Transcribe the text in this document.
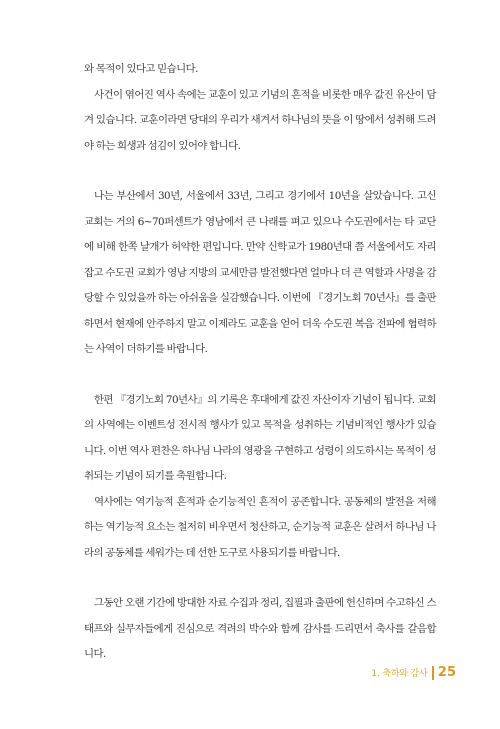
와 목적이 있다고 믿습니다.

사건이 엮어진 역사 속에는 교훈이 있고 기념의 흔적을 비롯한 매우 값진 유산이 담겨 있습니다. 교훈이라면 당대의 우리가 새겨서 하나님의 뜻을 이 땅에서 성취해 드려야 하는 희생과 섬김이 있어야 합니다.

나는 부산에서 30년, 서울에서 33년, 그리고 경기에서 10년을 살았습니다. 고신 교회는 거의 6~70퍼센트가 영남에서 큰 나래를 펴고 있으나 수도권에서는 타 교단에 비해 한쪽 날개가 허약한 편입니다. 만약 신학교가 1980년대 쯤 서울에서도 자리 잡고 수도권 교회가 영남 지방의 교세만큼 발전했다면 얼마나 더 큰 역할과 사명을 감당할 수 있었을까 하는 아쉬움을 실감했습니다. 이번에 『경기노회 70년사』를 출판하면서 현재에 안주하지 말고 이제라도 교훈을 얻어 더욱 수도권 복음 전파에 협력하는 사역이 더하기를 바랍니다.

한편 『경기노회 70년사』의 기록은 후대에게 값진 자산이자 기념이 됩니다. 교회의 사역에는 이벤트성 전시적 행사가 있고 목적을 성취하는 기념비적인 행사가 있습니다. 이번 역사 편찬은 하나님 나라의 영광을 구현하고 성령이 의도하시는 목적이 성취되는 기념이 되기를 축원합니다.

역사에는 역기능적 흔적과 순기능적인 흔적이 공존합니다. 공동체의 발전을 저해하는 역기능적 요소는 철저히 비우면서 청산하고, 순기능적 교훈은 살려서 하나님 나라의 공동체를 세워가는 데 선한 도구로 사용되기를 바랍니다.

그동안 오랜 기간에 방대한 자료 수집과 정리, 집필과 출판에 헌신하며 수고하신 스태프와 실무자들에게 진심으로 격려의 박수와 함께 감사를 드리면서 축사를 갈음합니다.

1. 축하와 감사 25
